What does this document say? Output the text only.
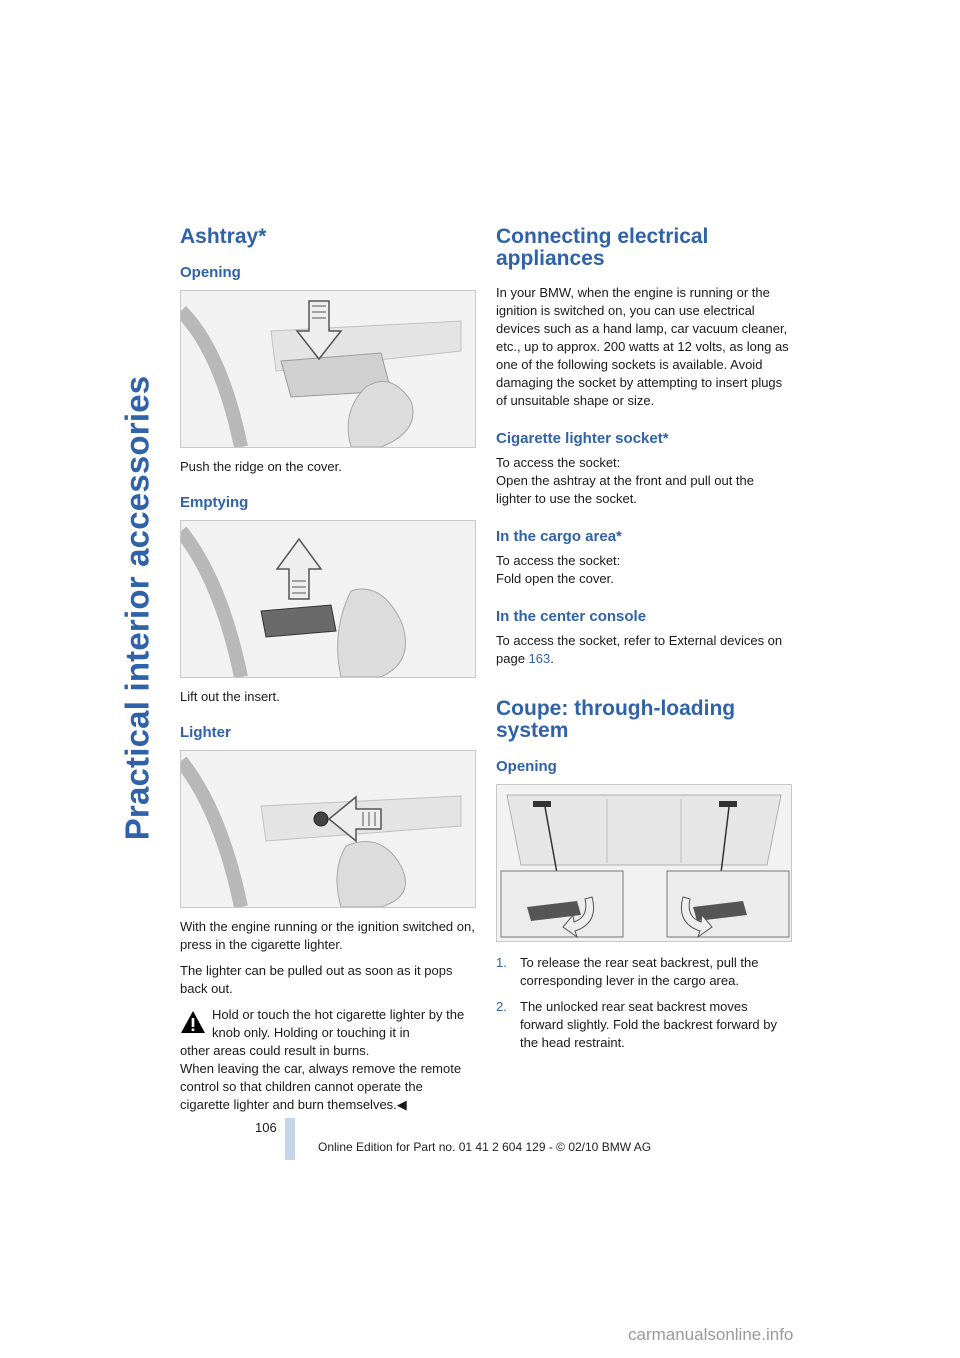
Practical interior accessories
Ashtray*
Opening

Push the ridge on the cover.

Emptying

Lift out the insert.

Lighter

With the engine running or the ignition switched on, press in the cigarette lighter.

The lighter can be pulled out as soon as it pops back out.

Hold or touch the hot cigarette lighter by the knob only. Holding or touching it in

other areas could result in burns.

When leaving the car, always remove the remote control so that children cannot operate the cigarette lighter and burn themselves.◀

Connecting electrical appliances

In your BMW, when the engine is running or the ignition is switched on, you can use electrical devices such as a hand lamp, car vacuum cleaner, etc., up to approx. 200 watts at 12 volts, as long as one of the following sockets is available. Avoid damaging the socket by attempting to insert plugs of unsuitable shape or size.

Cigarette lighter socket*

To access the socket:

Open the ashtray at the front and pull out the lighter to use the socket.

In the cargo area*

To access the socket:

Fold open the cover.

In the center console

To access the socket, refer to External devices on page 163.

Coupe: through-loading system
Opening
1. To release the rear seat backrest, pull the corresponding lever in the cargo area.
2. The unlocked rear seat backrest moves forward slightly. Fold the backrest forward by the head restraint.
106
Online Edition for Part no. 01 41 2 604 129 - © 02/10 BMW AG
carmanualsonline.info
